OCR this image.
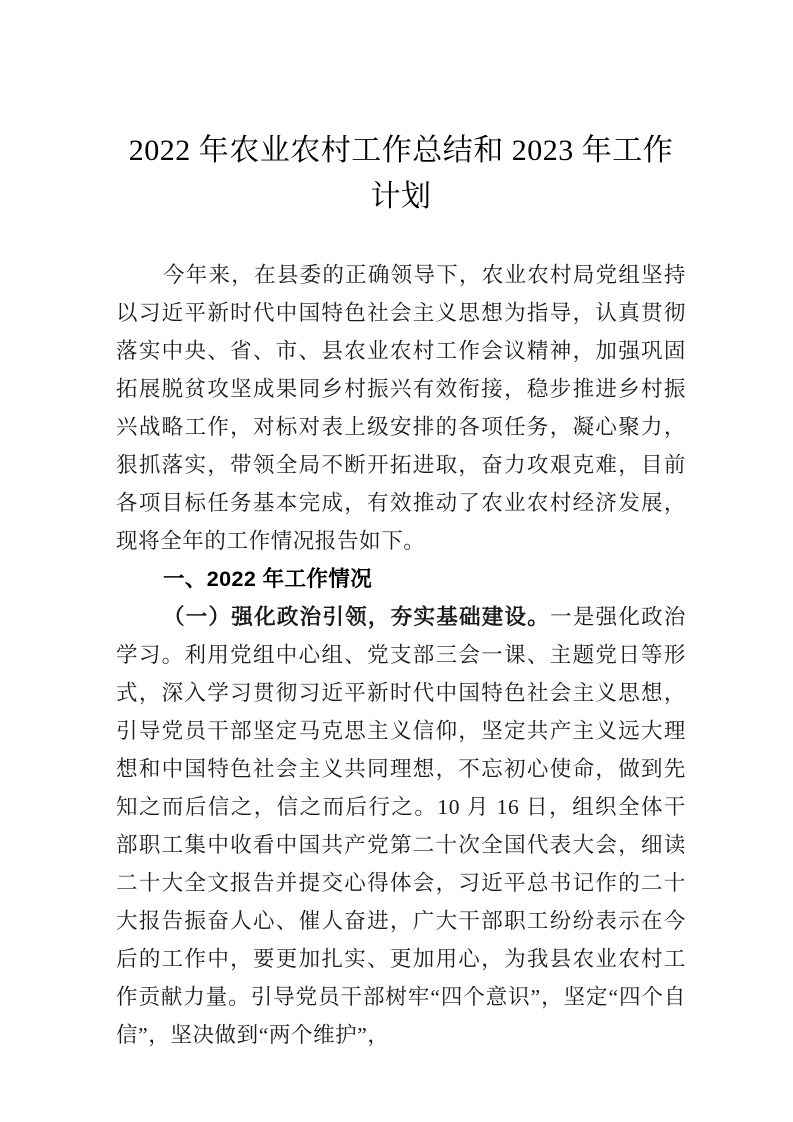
2022 年农业农村工作总结和 2023 年工作计划

今年来，在县委的正确领导下，农业农村局党组坚持以习近平新时代中国特色社会主义思想为指导，认真贯彻落实中央、省、市、县农业农村工作会议精神，加强巩固拓展脱贫攻坚成果同乡村振兴有效衔接，稳步推进乡村振兴战略工作，对标对表上级安排的各项任务，凝心聚力，狠抓落实，带领全局不断开拓进取，奋力攻艰克难，目前各项目标任务基本完成，有效推动了农业农村经济发展，现将全年的工作情况报告如下。

一、2022 年工作情况

（一）强化政治引领，夯实基础建设。一是强化政治学习。利用党组中心组、党支部三会一课、主题党日等形式，深入学习贯彻习近平新时代中国特色社会主义思想，引导党员干部坚定马克思主义信仰，坚定共产主义远大理想和中国特色社会主义共同理想，不忘初心使命，做到先知之而后信之，信之而后行之。10 月 16 日，组织全体干部职工集中收看中国共产党第二十次全国代表大会，细读二十大全文报告并提交心得体会，习近平总书记作的二十大报告振奋人心、催人奋进，广大干部职工纷纷表示在今后的工作中，要更加扎实、更加用心，为我县农业农村工作贡献力量。引导党员干部树牢“四个意识”，坚定“四个自信”，坚决做到“两个维护”，
